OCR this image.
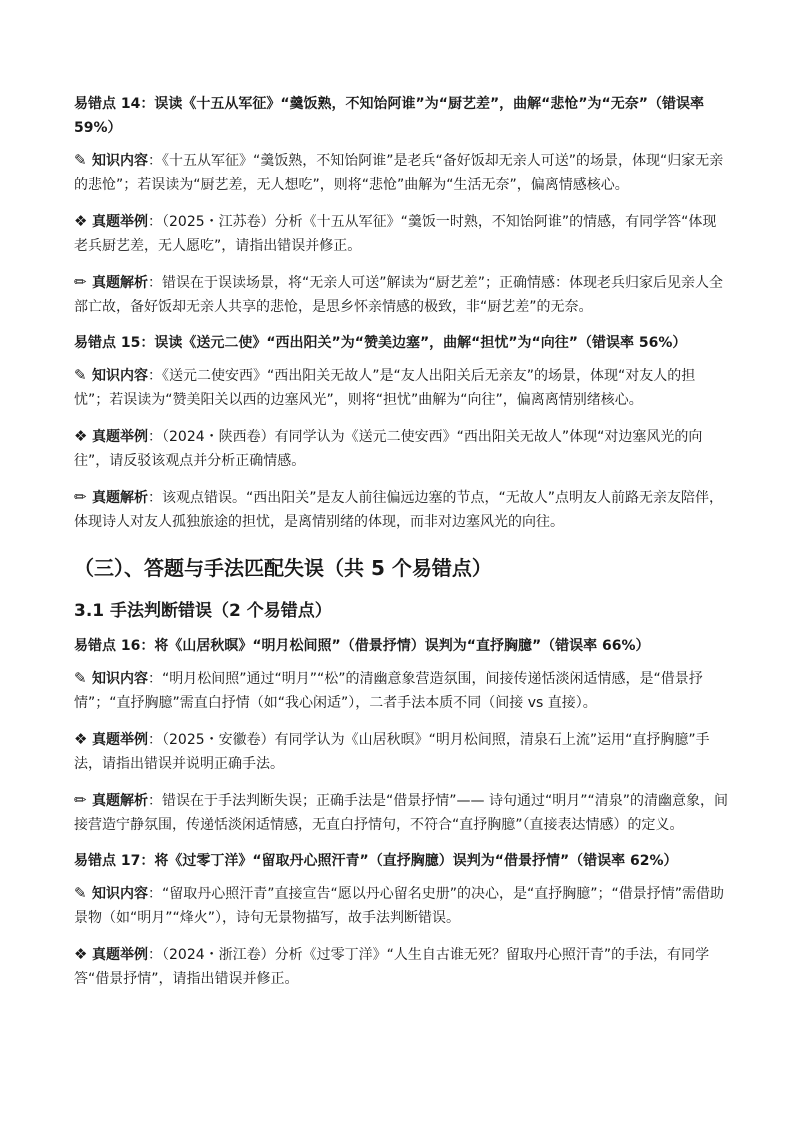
易错点 14：误读《十五从军征》“羹饭熟，不知饴阿谁”为“厨艺差”，曲解“悲怆”为“无奈”（错误率 59%）
✎ 知识内容：《十五从军征》“羹饭熟，不知饴阿谁”是老兵“备好饭却无亲人可送”的场景，体现“归家无亲的悲怆”；若误读为“厨艺差，无人想吃”，则将“悲怆”曲解为“生活无奈”，偏离情感核心。
❖ 真题举例：（2025・江苏卷）分析《十五从军征》“羹饭一时熟，不知饴阿谁”的情感，有同学答“体现老兵厨艺差，无人愿吃”，请指出错误并修正。
✏ 真题解析：错误在于误读场景，将“无亲人可送”解读为“厨艺差”；正确情感：体现老兵归家后见亲人全部亡故，备好饭却无亲人共享的悲怆，是思乡怀亲情感的极致，非“厨艺差”的无奈。
易错点 15：误读《送元二使》“西出阳关”为“赞美边塞”，曲解“担忧”为“向往”（错误率 56%）
✎ 知识内容：《送元二使安西》“西出阳关无故人”是“友人出阳关后无亲友”的场景，体现“对友人的担忧”；若误读为“赞美阳关以西的边塞风光”，则将“担忧”曲解为“向往”，偏离离情别绪核心。
❖ 真题举例：（2024・陕西卷）有同学认为《送元二使安西》“西出阳关无故人”体现“对边塞风光的向往”，请反驳该观点并分析正确情感。
✏ 真题解析：该观点错误。“西出阳关”是友人前往偏远边塞的节点，“无故人”点明友人前路无亲友陪伴，体现诗人对友人孤独旅途的担忧，是离情别绪的体现，而非对边塞风光的向往。
（三）、答题与手法匹配失误（共 5 个易错点）
3.1 手法判断错误（2 个易错点）
易错点 16：将《山居秋暝》“明月松间照”（借景抒情）误判为“直抒胸臆”（错误率 66%）
✎ 知识内容：“明月松间照”通过“明月”“松”的清幽意象营造氛围，间接传递恬淡闲适情感，是“借景抒情”；“直抒胸臆”需直白抒情（如“我心闲适”），二者手法本质不同（间接 vs 直接）。
❖ 真题举例：（2025・安徽卷）有同学认为《山居秋暝》“明月松间照，清泉石上流”运用“直抒胸臆”手法，请指出错误并说明正确手法。
✏ 真题解析：错误在于手法判断失误；正确手法是“借景抒情”—— 诗句通过“明月”“清泉”的清幽意象，间接营造宁静氛围，传递恬淡闲适情感，无直白抒情句，不符合“直抒胸臆”（直接表达情感）的定义。
易错点 17：将《过零丁洋》“留取丹心照汗青”（直抒胸臆）误判为“借景抒情”（错误率 62%）
✎ 知识内容：“留取丹心照汗青”直接宣告“愿以丹心留名史册”的决心，是“直抒胸臆”；“借景抒情”需借助景物（如“明月”“烽火”），诗句无景物描写，故手法判断错误。
❖ 真题举例：（2024・浙江卷）分析《过零丁洋》“人生自古谁无死？留取丹心照汗青”的手法，有同学答“借景抒情”，请指出错误并修正。
